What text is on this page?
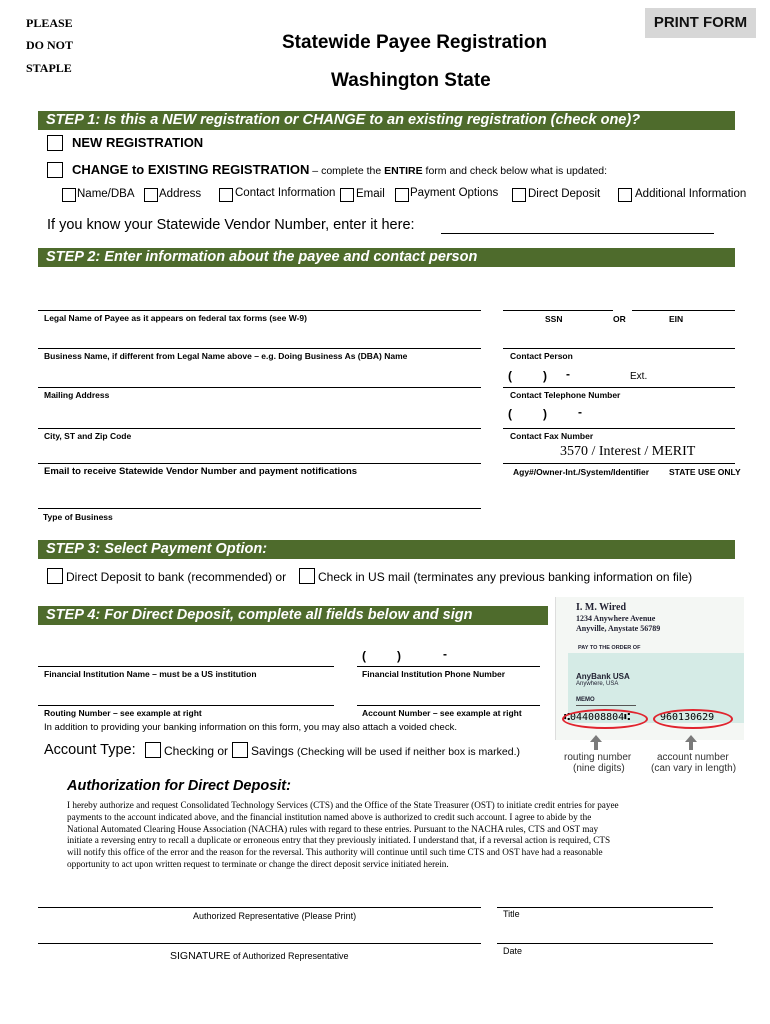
PLEASE
DO NOT
STAPLE
Statewide Payee Registration
Washington State
PRINT FORM
STEP 1: Is this a NEW registration or CHANGE to an existing registration (check one)?
NEW REGISTRATION
CHANGE to EXISTING REGISTRATION – complete the ENTIRE form and check below what is updated:
Name/DBA Address	Contact Information Email Payment Options	Direct Deposit	Additional Information
If you know your Statewide Vendor Number, enter it here:
STEP 2: Enter information about the payee and contact person
Legal Name of Payee as it appears on federal tax forms (see W-9)	SSN	OR	EIN
Business Name, if different from Legal Name above – e.g. Doing Business As (DBA) Name	Contact Person
(	) -	Ext.
Mailing Address	Contact Telephone Number
(	)	-
City, ST and Zip Code	Contact Fax Number
3570 / Interest / MERIT
Email to receive Statewide Vendor Number and payment notifications	Agy#/Owner-Int./System/Identifier STATE USE ONLY
Type of Business
STEP 3: Select Payment Option:
Direct Deposit to bank (recommended) or	Check in US mail (terminates any previous banking information on file)
STEP 4: For Direct Deposit, complete all fields below and sign
(	)	-
Financial Institution Name – must be a US institution	Financial Institution Phone Number
Routing Number – see example at right	Account Number – see example at right
In addition to providing your banking information on this form, you may also attach a voided check.
Account Type: Checking or Savings (Checking will be used if neither box is marked.)
I. M. Wired
1234 Anywhere Avenue
Anyville, Anystate 56789
PAY TO THE ORDER OF
AnyBank USA
Anywhere, USA
MEMO
⑆044008804⑆	960130629
routing number
(nine digits)
account number
(can vary in length)
Authorization for Direct Deposit:
I hereby authorize and request Consolidated Technology Services (CTS) and the Office of the State Treasurer (OST) to initiate credit entries for payee
payments to the account indicated above, and the financial institution named above is authorized to credit such account. I agree to abide by the
National Automated Clearing House Association (NACHA) rules with regard to these entries. Pursuant to the NACHA rules, CTS and OST may
initiate a reversing entry to recall a duplicate or erroneous entry that they previously initiated. I understand that, if a reversal action is required, CTS
will notify this office of the error and the reason for the reversal. This authority will continue until such time CTS and OST have had a reasonable
opportunity to act upon written request to terminate or change the direct deposit service initiated herein.
Authorized Representative (Please Print)	Title
SIGNATURE of Authorized Representative	Date
